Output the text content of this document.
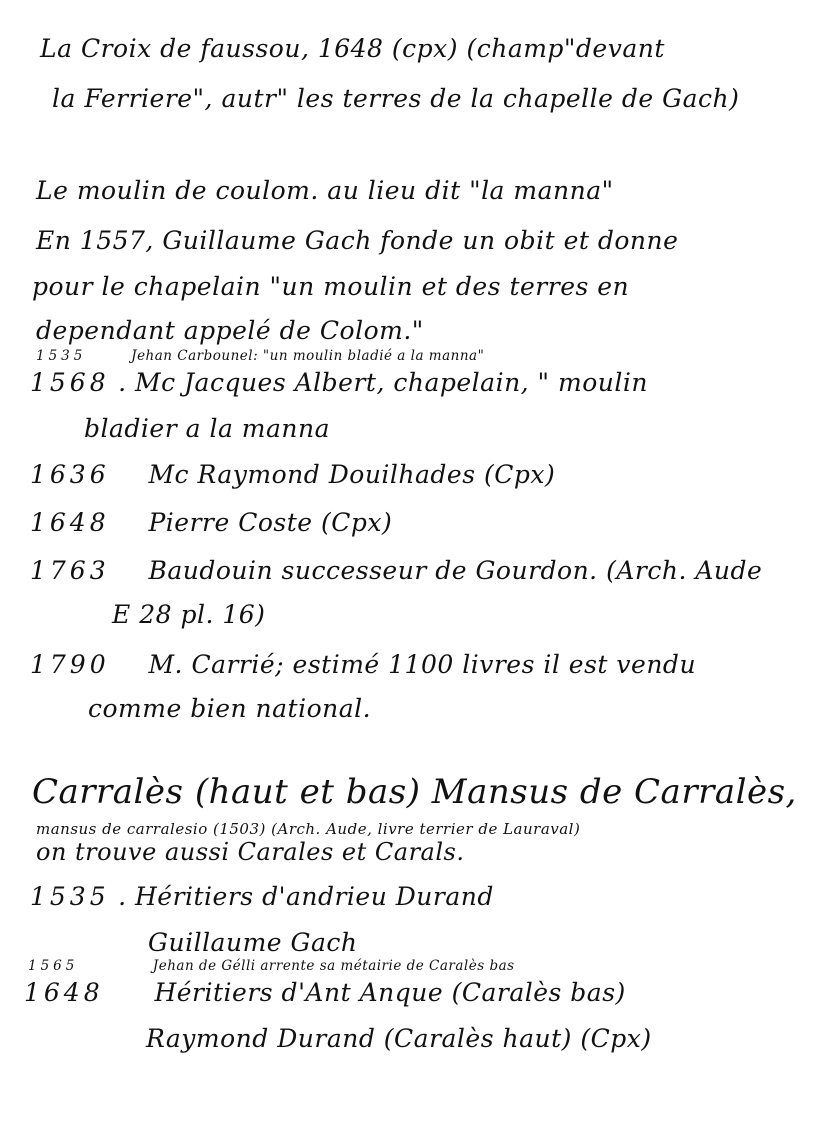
La Croix de faussou, 1648 (cpx) (champ"devant
la Ferriere", autr" les terres de la chapelle de Gach)
Le moulin de coulom. au lieu dit "la manna"
En 1557, Guillaume Gach fonde un obit et donne
pour le chapelain "un moulin et des terres en
dependant appelé de Colom."
1535	Jehan Carbounel: "un moulin bladié a la manna"
1568 . Mc Jacques Albert, chapelain, " moulin
bladier a la manna
1636 Mc Raymond Douilhades (Cpx)
1648 Pierre Coste (Cpx)
1763 Baudouin successeur de Gourdon. (Arch. Aude
E 28 pl. 16)
1790 M. Carrié; estimé 1100 livres il est vendu
comme bien national.
Carralès (haut et bas) Mansus de Carralès,
mansus de carralesio (1503) (Arch. Aude, livre terrier de Lauraval)
on trouve aussi Carales et Carals.
1535 . Héritiers d'andrieu Durand
Guillaume Gach
1565	Jehan de Gélli arrente sa métairie de Caralès bas
1648 Héritiers d'Ant Anque (Caralès bas)
Raymond Durand (Caralès haut) (Cpx)
